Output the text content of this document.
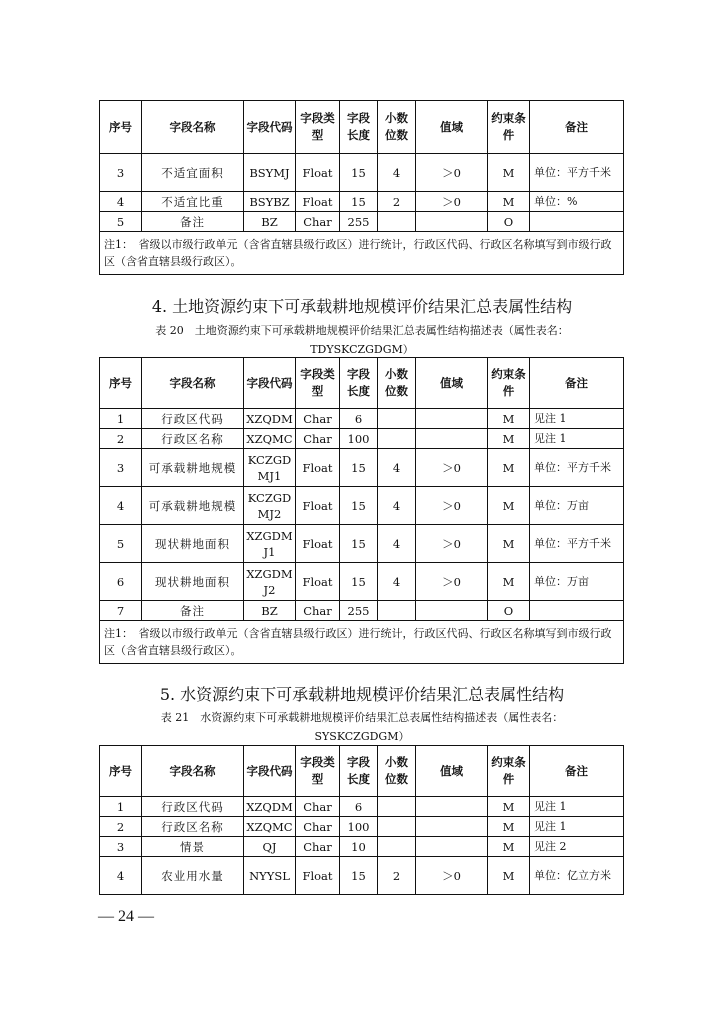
序号	字段名称	字段代码	字段类型	字段长度	小数位数	值域	约束条件	备注
3	不适宜面积	BSYMJ	Float	15	4	＞0	M	单位：平方千米
4	不适宜比重	BSYBZ	Float	15	2	＞0	M	单位：%
5	备注	BZ	Char	255			O	
注1：　省级以市级行政单元（含省直辖县级行政区）进行统计，行政区代码、行政区名称填写到市级行政区（含省直辖县级行政区）。								
4. 土地资源约束下可承载耕地规模评价结果汇总表属性结构
表 20　土地资源约束下可承载耕地规模评价结果汇总表属性结构描述表（属性表名：TDYSKCZGDGM）
序号	字段名称	字段代码	字段类型	字段长度	小数位数	值域	约束条件	备注
1	行政区代码	XZQDM	Char	6			M	见注 1
2	行政区名称	XZQMC	Char	100			M	见注 1
3	可承载耕地规模	KCZGDMJ1	Float	15	4	＞0	M	单位：平方千米
4	可承载耕地规模	KCZGDMJ2	Float	15	4	＞0	M	单位：万亩
5	现状耕地面积	XZGDMJ1	Float	15	4	＞0	M	单位：平方千米
6	现状耕地面积	XZGDMJ2	Float	15	4	＞0	M	单位：万亩
7	备注	BZ	Char	255			O	
注1：　省级以市级行政单元（含省直辖县级行政区）进行统计，行政区代码、行政区名称填写到市级行政区（含省直辖县级行政区）。								
5. 水资源约束下可承载耕地规模评价结果汇总表属性结构
表 21　水资源约束下可承载耕地规模评价结果汇总表属性结构描述表（属性表名：SYSKCZGDGM）
序号	字段名称	字段代码	字段类型	字段长度	小数位数	值域	约束条件	备注
1	行政区代码	XZQDM	Char	6			M	见注 1
2	行政区名称	XZQMC	Char	100			M	见注 1
3	情景	QJ	Char	10			M	见注 2
4	农业用水量	NYYSL	Float	15	2	＞0	M	单位：亿立方米
— 24 —
